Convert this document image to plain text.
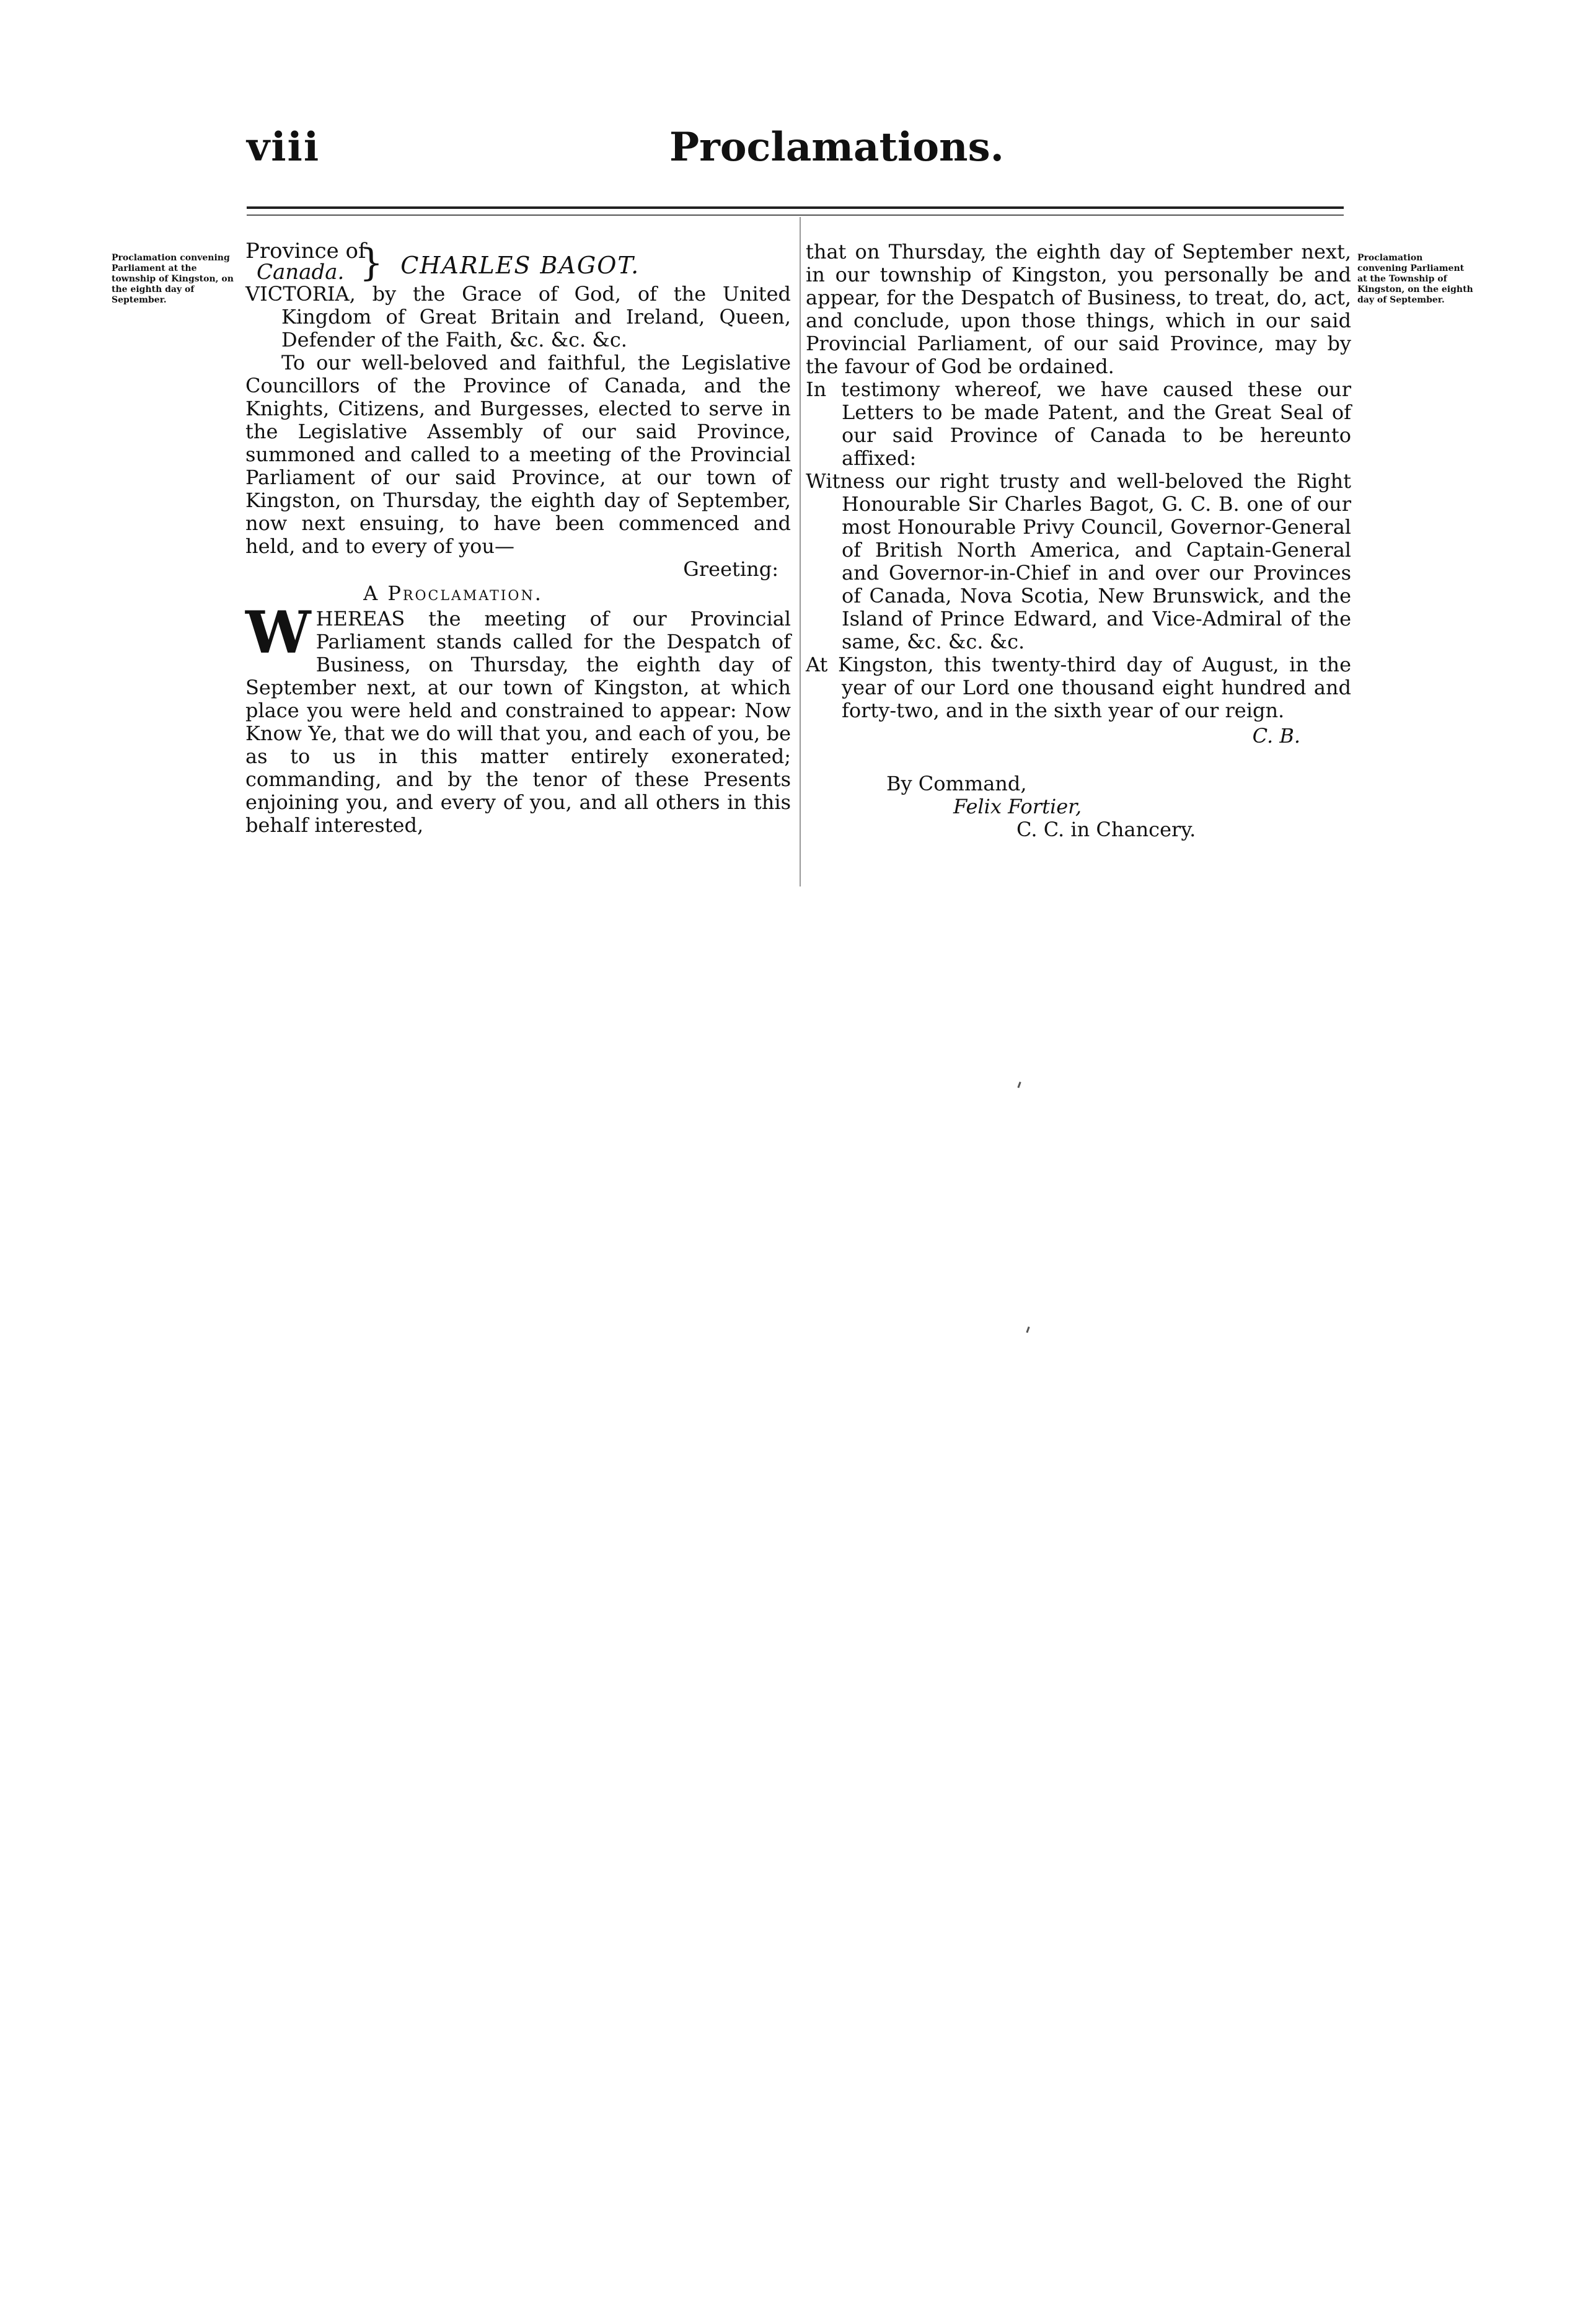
viii	Proclamations.
Proclamation convening Parliament at the township of Kingston, on the eighth day of September.
Proclamation convening Parliament at the Township of Kingston, on the eighth day of September.
Province of
Canada. } CHARLES BAGOT.
VICTORIA, by the Grace of God, of the United Kingdom of Great Britain and Ireland, Queen, Defender of the Faith, &c. &c. &c.
To our well-beloved and faithful, the Legislative Councillors of the Province of Canada, and the Knights, Citizens, and Burgesses, elected to serve in the Legislative Assembly of our said Province, summoned and called to a meeting of the Provincial Parliament of our said Province, at our town of Kingston, on Thursday, the eighth day of September, now next ensuing, to have been commenced and held, and to every of you—
Greeting:
A Proclamation.
WHEREAS the meeting of our Provincial Parliament stands called for the Despatch of Business, on Thursday, the eighth day of September next, at our town of Kingston, at which place you were held and constrained to appear: Now Know Ye, that we do will that you, and each of you, be as to us in this matter entirely exonerated; commanding, and by the tenor of these Presents enjoining you, and every of you, and all others in this behalf interested,
that on Thursday, the eighth day of September next, in our township of Kingston, you personally be and appear, for the Despatch of Business, to treat, do, act, and conclude, upon those things, which in our said Provincial Parliament, of our said Province, may by the favour of God be ordained.
In testimony whereof, we have caused these our Letters to be made Patent, and the Great Seal of our said Province of Canada to be hereunto affixed:
Witness our right trusty and well-beloved the Right Honourable Sir Charles Bagot, G. C. B. one of our most Honourable Privy Council, Governor-General of British North America, and Captain-General and Governor-in-Chief in and over our Provinces of Canada, Nova Scotia, New Brunswick, and the Island of Prince Edward, and Vice-Admiral of the same, &c. &c. &c.
At Kingston, this twenty-third day of August, in the year of our Lord one thousand eight hundred and forty-two, and in the sixth year of our reign.
C. B.
By Command,
Felix Fortier,
C. C. in Chancery.
